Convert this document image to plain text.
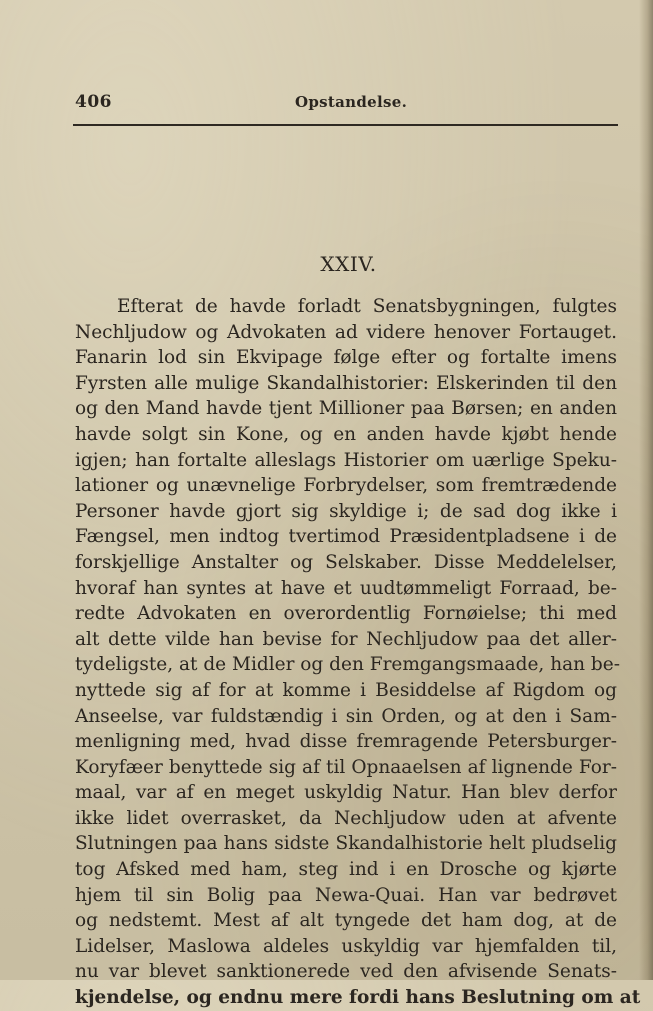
406	Opstandelse.
XXIV.
Efterat de havde forladt Senatsbygningen, fulgtes
Nechljudow og Advokaten ad videre henover Fortauget.
Fanarin lod sin Ekvipage følge efter og fortalte imens
Fyrsten alle mulige Skandalhistorier: Elskerinden til den
og den Mand havde tjent Millioner paa Børsen; en anden
havde solgt sin Kone, og en anden havde kjøbt hende
igjen; han fortalte alleslags Historier om uærlige Speku-
lationer og unævnelige Forbrydelser, som fremtrædende
Personer havde gjort sig skyldige i; de sad dog ikke i
Fængsel, men indtog tvertimod Præsidentpladsene i de
forskjellige Anstalter og Selskaber. Disse Meddelelser,
hvoraf han syntes at have et uudtømmeligt Forraad, be-
redte Advokaten en overordentlig Fornøielse; thi med
alt dette vilde han bevise for Nechljudow paa det aller-
tydeligste, at de Midler og den Fremgangsmaade, han be-
nyttede sig af for at komme i Besiddelse af Rigdom og
Anseelse, var fuldstændig i sin Orden, og at den i Sam-
menligning med, hvad disse fremragende Petersburger-
Koryfæer benyttede sig af til Opnaaelsen af lignende For-
maal, var af en meget uskyldig Natur. Han blev derfor
ikke lidet overrasket, da Nechljudow uden at afvente
Slutningen paa hans sidste Skandalhistorie helt pludselig
tog Afsked med ham, steg ind i en Drosche og kjørte
hjem til sin Bolig paa Newa-Quai. Han var bedrøvet
og nedstemt. Mest af alt tyngede det ham dog, at de
Lidelser, Maslowa aldeles uskyldig var hjemfalden til,
nu var blevet sanktionerede ved den afvisende Senats-
kjendelse, og endnu mere fordi hans Beslutning om at
